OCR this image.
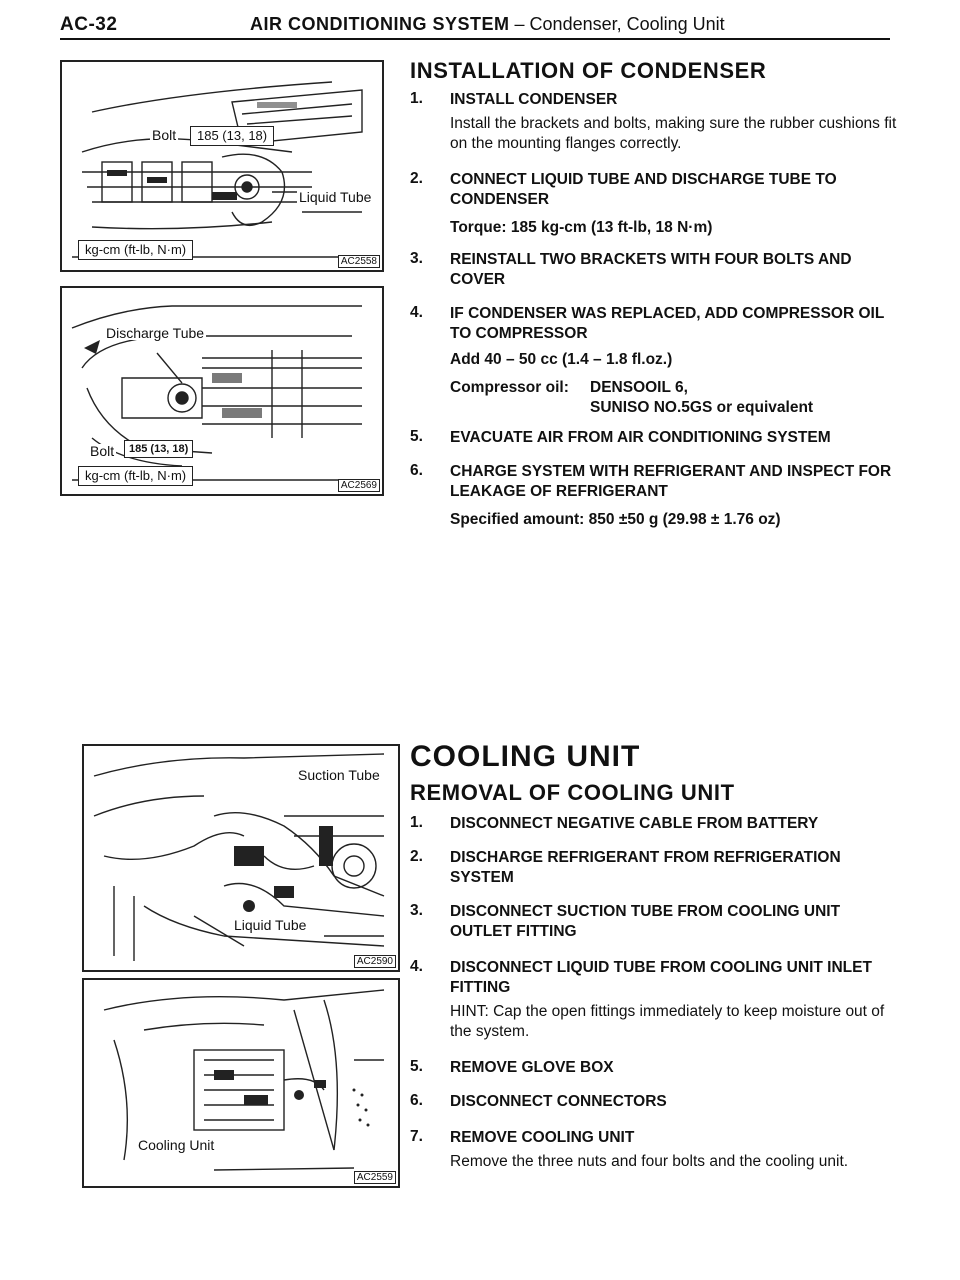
AC-32	AIR CONDITIONING SYSTEM – Condenser, Cooling Unit
Bolt	185 (13, 18)
Liquid Tube
kg-cm (ft-lb, N·m)
AC2558
Discharge Tube
Bolt	185 (13, 18)
kg-cm (ft-lb, N·m)
AC2569
Suction Tube
Liquid Tube
AC2590
Cooling Unit
AC2559
INSTALLATION OF CONDENSER
1. INSTALL CONDENSER
Install the brackets and bolts, making sure the rubber cushions fit on the mounting flanges correctly.
2. CONNECT LIQUID TUBE AND DISCHARGE TUBE TO CONDENSER
Torque: 185 kg-cm (13 ft-lb, 18 N·m)
3. REINSTALL TWO BRACKETS WITH FOUR BOLTS AND COVER
4. IF CONDENSER WAS REPLACED, ADD COMPRESSOR OIL TO COMPRESSOR
Add 40 – 50 cc (1.4 – 1.8 fl.oz.)
Compressor oil: DENSOOIL 6,
SUNISO NO.5GS or equivalent
5. EVACUATE AIR FROM AIR CONDITIONING SYSTEM
6. CHARGE SYSTEM WITH REFRIGERANT AND INSPECT FOR LEAKAGE OF REFRIGERANT
Specified amount: 850 ±50 g (29.98 ± 1.76 oz)
COOLING UNIT
REMOVAL OF COOLING UNIT
1. DISCONNECT NEGATIVE CABLE FROM BATTERY
2. DISCHARGE REFRIGERANT FROM REFRIGERATION SYSTEM
3. DISCONNECT SUCTION TUBE FROM COOLING UNIT OUTLET FITTING
4. DISCONNECT LIQUID TUBE FROM COOLING UNIT INLET FITTING
HINT: Cap the open fittings immediately to keep moisture out of the system.
5. REMOVE GLOVE BOX
6. DISCONNECT CONNECTORS
7. REMOVE COOLING UNIT
Remove the three nuts and four bolts and the cooling unit.
